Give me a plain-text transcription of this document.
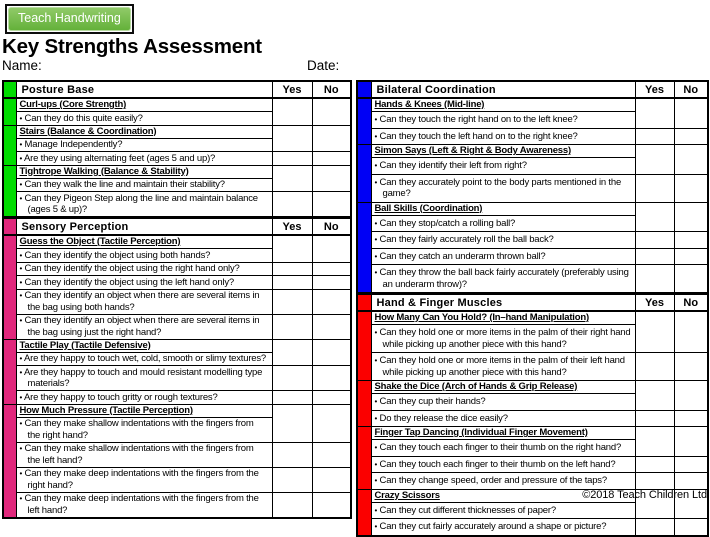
Teach Handwriting
Key Strengths Assessment
Name:	Date:
	Posture Base	Yes	No
	Curl-ups (Core Strength)		

	• Can they do this quite easily?		

	Stairs (Balance & Coordination)		

	• Manage Independently?		

	• Are they using alternating feet (ages 5 and up)?		

	Tightrope Walking (Balance & Stability)		

	• Can they walk the line and maintain their stability?		

	• Can they Pigeon Step along the line and maintain balance (ages 5 & up)?		

	Sensory Perception	Yes	No
	Guess the Object (Tactile Perception)		

	• Can they identify the object using both hands?		

	• Can they identify the object using the right hand only?		

	• Can they identify the object using the left hand only?		

	• Can they identify an object when there are several items in the bag using both hands?		

	• Can they identify an object when there are several items in the bag using just the right hand?		

	Tactile Play (Tactile Defensive)		

	• Are they happy to touch wet, cold, smooth or slimy textures?		

	• Are they happy to touch and mould resistant modelling type materials?		

	• Are they happy to touch gritty or rough textures?		

	How Much Pressure (Tactile Perception)		

	• Can they make shallow indentations with the fingers from the right hand?		

	• Can they make shallow indentations with the fingers from the left hand?		

	• Can they make deep indentations with the fingers from the right hand?		

	• Can they make deep indentations with the fingers from the left hand?		

	Bilateral Coordination	Yes	No
	Hands & Knees (Mid-line)		

	• Can they touch the right hand on to the left knee?		

	• Can they touch the left hand on to the right knee?		

	Simon Says (Left & Right & Body Awareness)		

	• Can they identify their left from right?		

	• Can they accurately point to the body parts mentioned in the game?		

	Ball Skills (Coordination)		

	• Can they stop/catch a rolling ball?		

	• Can they fairly accurately roll the ball back?		

	• Can they catch an underarm thrown ball?		

	• Can they throw the ball back fairly accurately (preferably using an underarm throw)?		

	Hand & Finger Muscles	Yes	No
	How Many Can You Hold? (In–hand Manipulation)		

	• Can they hold one or more items in the palm of their right hand while picking up another piece with this hand?		

	• Can they hold one or more items in the palm of their left hand while picking up another piece with this hand?		

	Shake the Dice (Arch of Hands & Grip Release)		

	• Can they cup their hands?		

	• Do they release the dice easily?		

	Finger Tap Dancing (Individual Finger Movement)		

	• Can they touch each finger to their thumb on the right hand?		

	• Can they touch each finger to their thumb on the left hand?		

	• Can they change speed, order and pressure of the taps?		

	Crazy Scissors		

	• Can they cut different thicknesses of paper?		

	• Can they cut fairly accurately around a shape or picture?		

©2018 Teach Children Ltd
